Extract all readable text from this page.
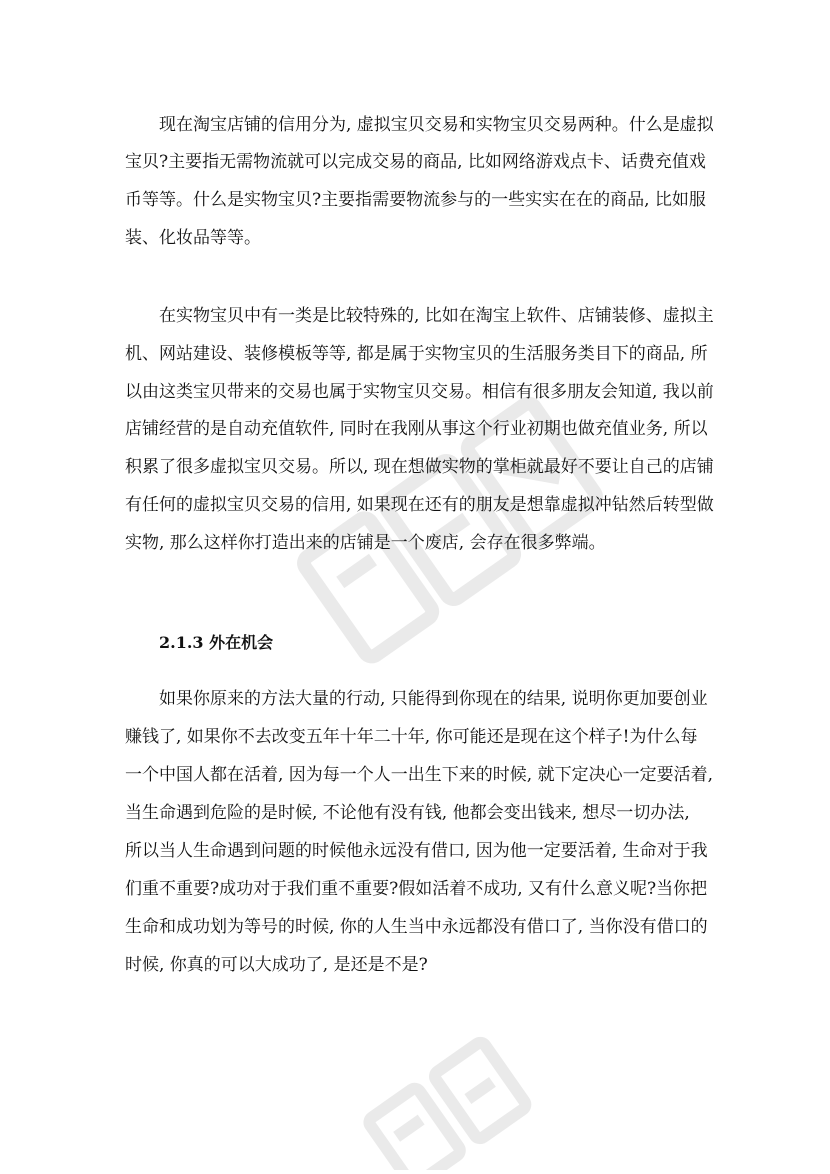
现在淘宝店铺的信用分为, 虚拟宝贝交易和实物宝贝交易两种。什么是虚拟
宝贝?主要指无需物流就可以完成交易的商品, 比如网络游戏点卡、话费充值戏
币等等。什么是实物宝贝?主要指需要物流参与的一些实实在在的商品, 比如服
装、化妆品等等。
在实物宝贝中有一类是比较特殊的, 比如在淘宝上软件、店铺装修、虚拟主
机、网站建设、装修模板等等, 都是属于实物宝贝的生活服务类目下的商品, 所
以由这类宝贝带来的交易也属于实物宝贝交易。相信有很多朋友会知道, 我以前
店铺经营的是自动充值软件, 同时在我刚从事这个行业初期也做充值业务, 所以
积累了很多虚拟宝贝交易。所以, 现在想做实物的掌柜就最好不要让自己的店铺
有任何的虚拟宝贝交易的信用, 如果现在还有的朋友是想靠虚拟冲钻然后转型做
实物, 那么这样你打造出来的店铺是一个废店, 会存在很多弊端。
2.1.3 外在机会
如果你原来的方法大量的行动, 只能得到你现在的结果, 说明你更加要创业
赚钱了, 如果你不去改变五年十年二十年, 你可能还是现在这个样子!为什么每
一个中国人都在活着, 因为每一个人一出生下来的时候, 就下定决心一定要活着,
当生命遇到危险的是时候, 不论他有没有钱, 他都会变出钱来, 想尽一切办法,
所以当人生命遇到问题的时候他永远没有借口, 因为他一定要活着, 生命对于我
们重不重要?成功对于我们重不重要?假如活着不成功, 又有什么意义呢?当你把
生命和成功划为等号的时候, 你的人生当中永远都没有借口了, 当你没有借口的
时候, 你真的可以大成功了, 是还是不是?
